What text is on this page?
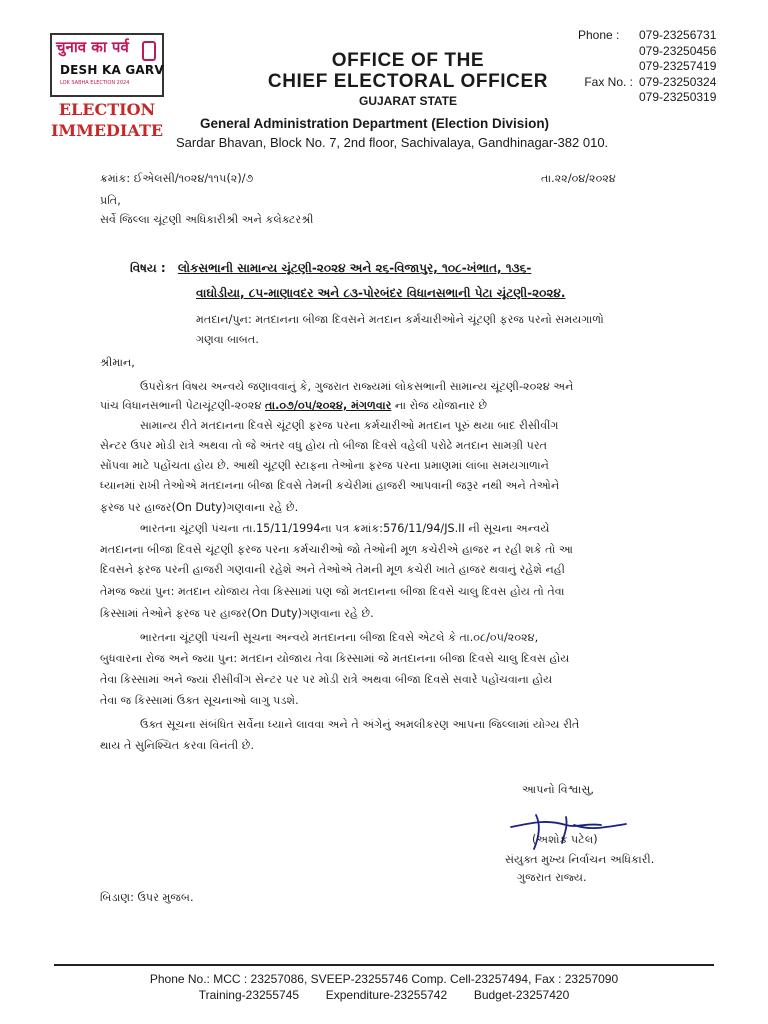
चुनाव का पर्व
DESH KA GARV
LOK SABHA ELECTION 2024
ELECTION
IMMEDIATE
OFFICE OF THE
CHIEF ELECTORAL OFFICER
GUJARAT STATE
General Administration Department (Election Division)
Sardar Bhavan, Block No. 7, 2nd floor, Sachivalaya, Gandhinagar-382 010.
Phone :	079-23256731
079-23250456
079-23257419
Fax No. : 079-23250324
079-23250319
ક્રમાંક: ઈએલસી/૧૦૨૪/૧૧૫(૨)/૭	તા.૨૨/૦૪/૨૦૨૪
પ્રતિ,
સર્વે જિલ્લા ચૂંટણી અધિકારીશ્રી અને કલેક્ટરશ્રી
વિષય : લોકસભાની સામાન્ય ચૂંટણી-૨૦૨૪ અને ૨૬-વિજાપુર, ૧૦૮-ખંભાત, ૧૩૬-
વાઘોડીયા, ૮૫-માણાવદર અને ૮૩-પોરબંદર વિધાનસભાની પેટા ચૂંટણી-૨૦૨૪.
મતદાન/પુન: મતદાનના બીજા દિવસને મતદાન કર્મચારીઓને ચૂંટણી ફરજ પરનો સમયગાળો
ગણવા બાબત.
શ્રીમાન,
ઉપરોક્ત વિષય અન્વયે જણાવવાનું કે, ગુજરાત રાજ્યમાં લોકસભાની સામાન્ય ચૂંટણી-૨૦૨૪ અને
પાંચ વિધાનસભાની પેટાચૂંટણી-૨૦૨૪ તા.૦૭/૦૫/૨૦૨૪, મંગળવાર ના રોજ યોજાનાર છે
સામાન્ય રીતે મતદાનના દિવસે ચૂંટણી ફરજ પરના કર્મચારીઓ મતદાન પૂરું થયા બાદ રીસીવીંગ
સેન્ટર ઉપર મોડી રાત્રે અથવા તો જે અંતર વધુ હોય તો બીજા દિવસે વહેલી પરોઢે મતદાન સામગ્રી પરત
સોંપવા માટે પહોંચતા હોય છે. આથી ચૂંટણી સ્ટાફના તેઓના ફરજ પરના પ્રમાણમાં લાંબા સમયગાળાને
ધ્યાનમાં રાખી તેઓએ મતદાનના બીજા દિવસે તેમની કચેરીમાં હાજરી આપવાની જરૂર નથી અને તેઓને
ફરજ પર હાજર(On Duty)ગણવાના રહે છે.
ભારતના ચૂંટણી પંચના તા.15/11/1994ના પત્ર ક્રમાંક:576/11/94/JS.II ની સૂચના અન્વયે
મતદાનના બીજા દિવસે ચૂંટણી ફરજ પરના કર્મચારીઓ જો તેઓની મૂળ કચેરીએ હાજર ન રહી શકે તો આ
દિવસને ફરજ પરની હાજરી ગણવાની રહેશે અને તેઓએ તેમની મૂળ કચેરી ખાતે હાજર થવાનું રહેશે નહી
તેમજ જ્યાં પુન: મતદાન યોજાય તેવા કિસ્સામાં પણ જો મતદાનના બીજા દિવસે ચાલુ દિવસ હોય તો તેવા
કિસ્સામાં તેઓને ફરજ પર હાજર(On Duty)ગણવાના રહે છે.
ભારતના ચૂંટણી પંચની સૂચના અન્વયે મતદાનના બીજા દિવસે એટલે કે તા.૦૮/૦૫/૨૦૨૪,
બુધવારના રોજ અને જ્યા પુન: મતદાન યોજાય તેવા કિસ્સામાં જે મતદાનના બીજા દિવસે ચાલુ દિવસ હોય
તેવા કિસ્સામાં અને જ્યાં રીસીવીંગ સેન્ટર પર પર મોડી રાત્રે અથવા બીજા દિવસે સવારે પહોંચવાના હોય
તેવા જ કિસ્સામાં ઉક્ત સૂચનાઓ લાગુ પડશે.
ઉક્ત સૂચના સંબંધિત સર્વેના ધ્યાને લાવવા અને તે અંગેનું અમલીકરણ આપના જિલ્લામાં યોગ્ય રીતે
થાય તે સુનિશ્ચિત કરવા વિનંતી છે.
આપનો વિશ્વાસુ,
(અશોક પટેલ)
સંયુક્ત મુખ્ય નિર્વાચન અધિકારી.
ગુજરાત રાજ્ય.
બિડાણ: ઉપર મુજબ.
Phone No.: MCC : 23257086, SVEEP-23255746 Comp. Cell-23257494, Fax : 23257090
Training-23255745        Expenditure-23255742        Budget-23257420
